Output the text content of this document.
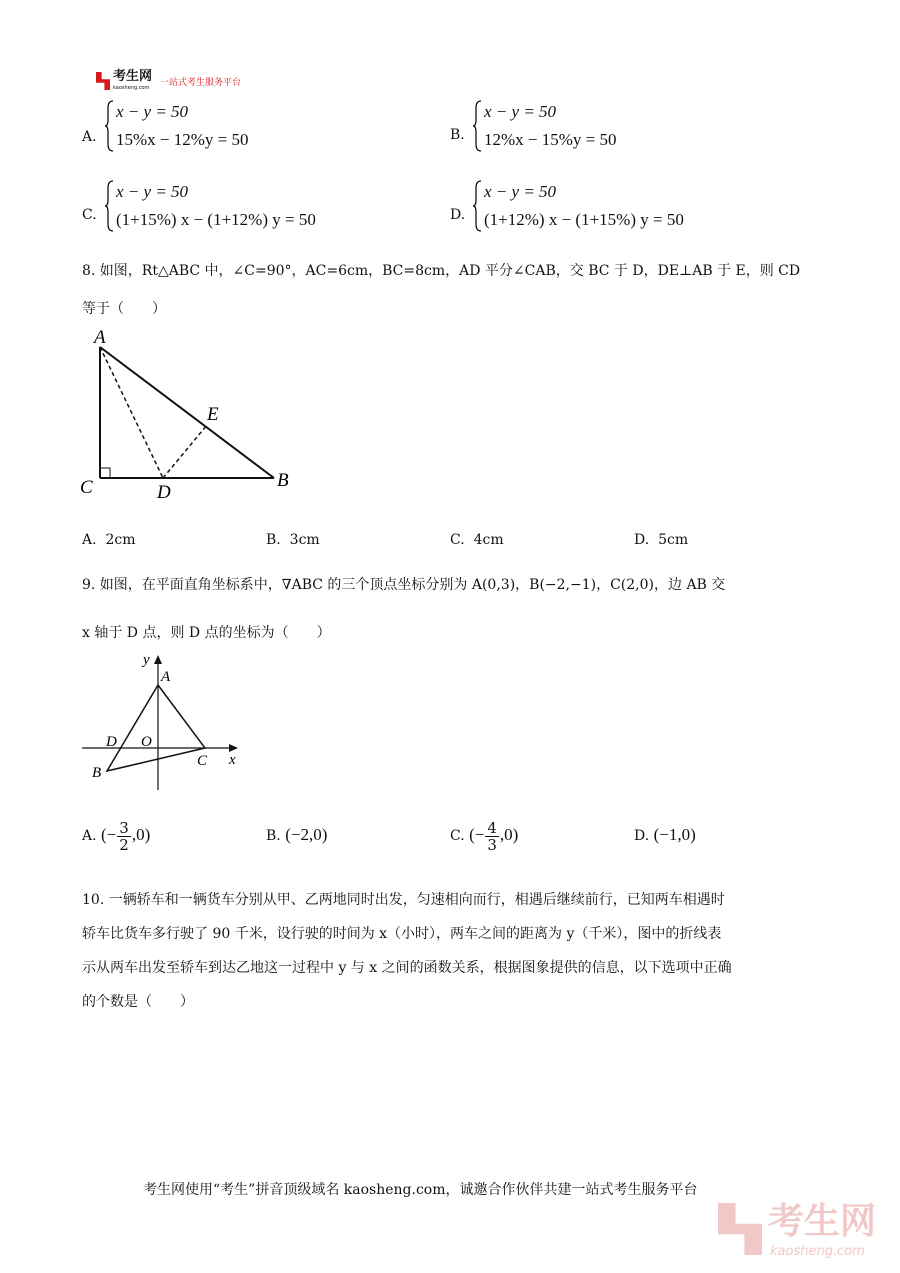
考生网
kaosheng.com 一站式考生服务平台
A.
x − y = 50
15%x − 12%y = 50	B.
x − y = 50
12%x − 15%y = 50
C.
x − y = 50
(1+15%) x − (1+12%) y = 50	D.
x − y = 50
(1+12%) x − (1+15%) y = 50
8. 如图，Rt△ABC 中，∠C=90°，AC=6cm，BC=8cm，AD 平分∠CAB，交 BC 于 D，DE⊥AB 于 E，则 CD
等于（　　）
A
C	D
E
B
A. 2cm	B. 3cm	C. 4cm	D. 5cm
9. 如图，在平面直角坐标系中，∇ABC 的三个顶点坐标分别为 A(0,3)，B(−2,−1)，C(2,0)，边 AB 交
x 轴于 D 点，则 D 点的坐标为（　　）
y
x
A
B
C
D O
A. (− $\frac{3}{2} ,0$)	B. (−2,0)	C. (− $\frac{4}{3} ,0$)	D. (−1,0)
10. 一辆轿车和一辆货车分别从甲、乙两地同时出发，匀速相向而行，相遇后继续前行，已知两车相遇时
轿车比货车多行驶了 90 千米，设行驶的时间为 x（小时），两车之间的距离为 y（千米），图中的折线表
示从两车出发至轿车到达乙地这一过程中 y 与 x 之间的函数关系，根据图象提供的信息，以下选项中正确
的个数是（　　）
考生网使用“考生”拼音顶级域名 kaosheng.com，诚邀合作伙伴共建一站式考生服务平台
考生网
kaosheng.com
